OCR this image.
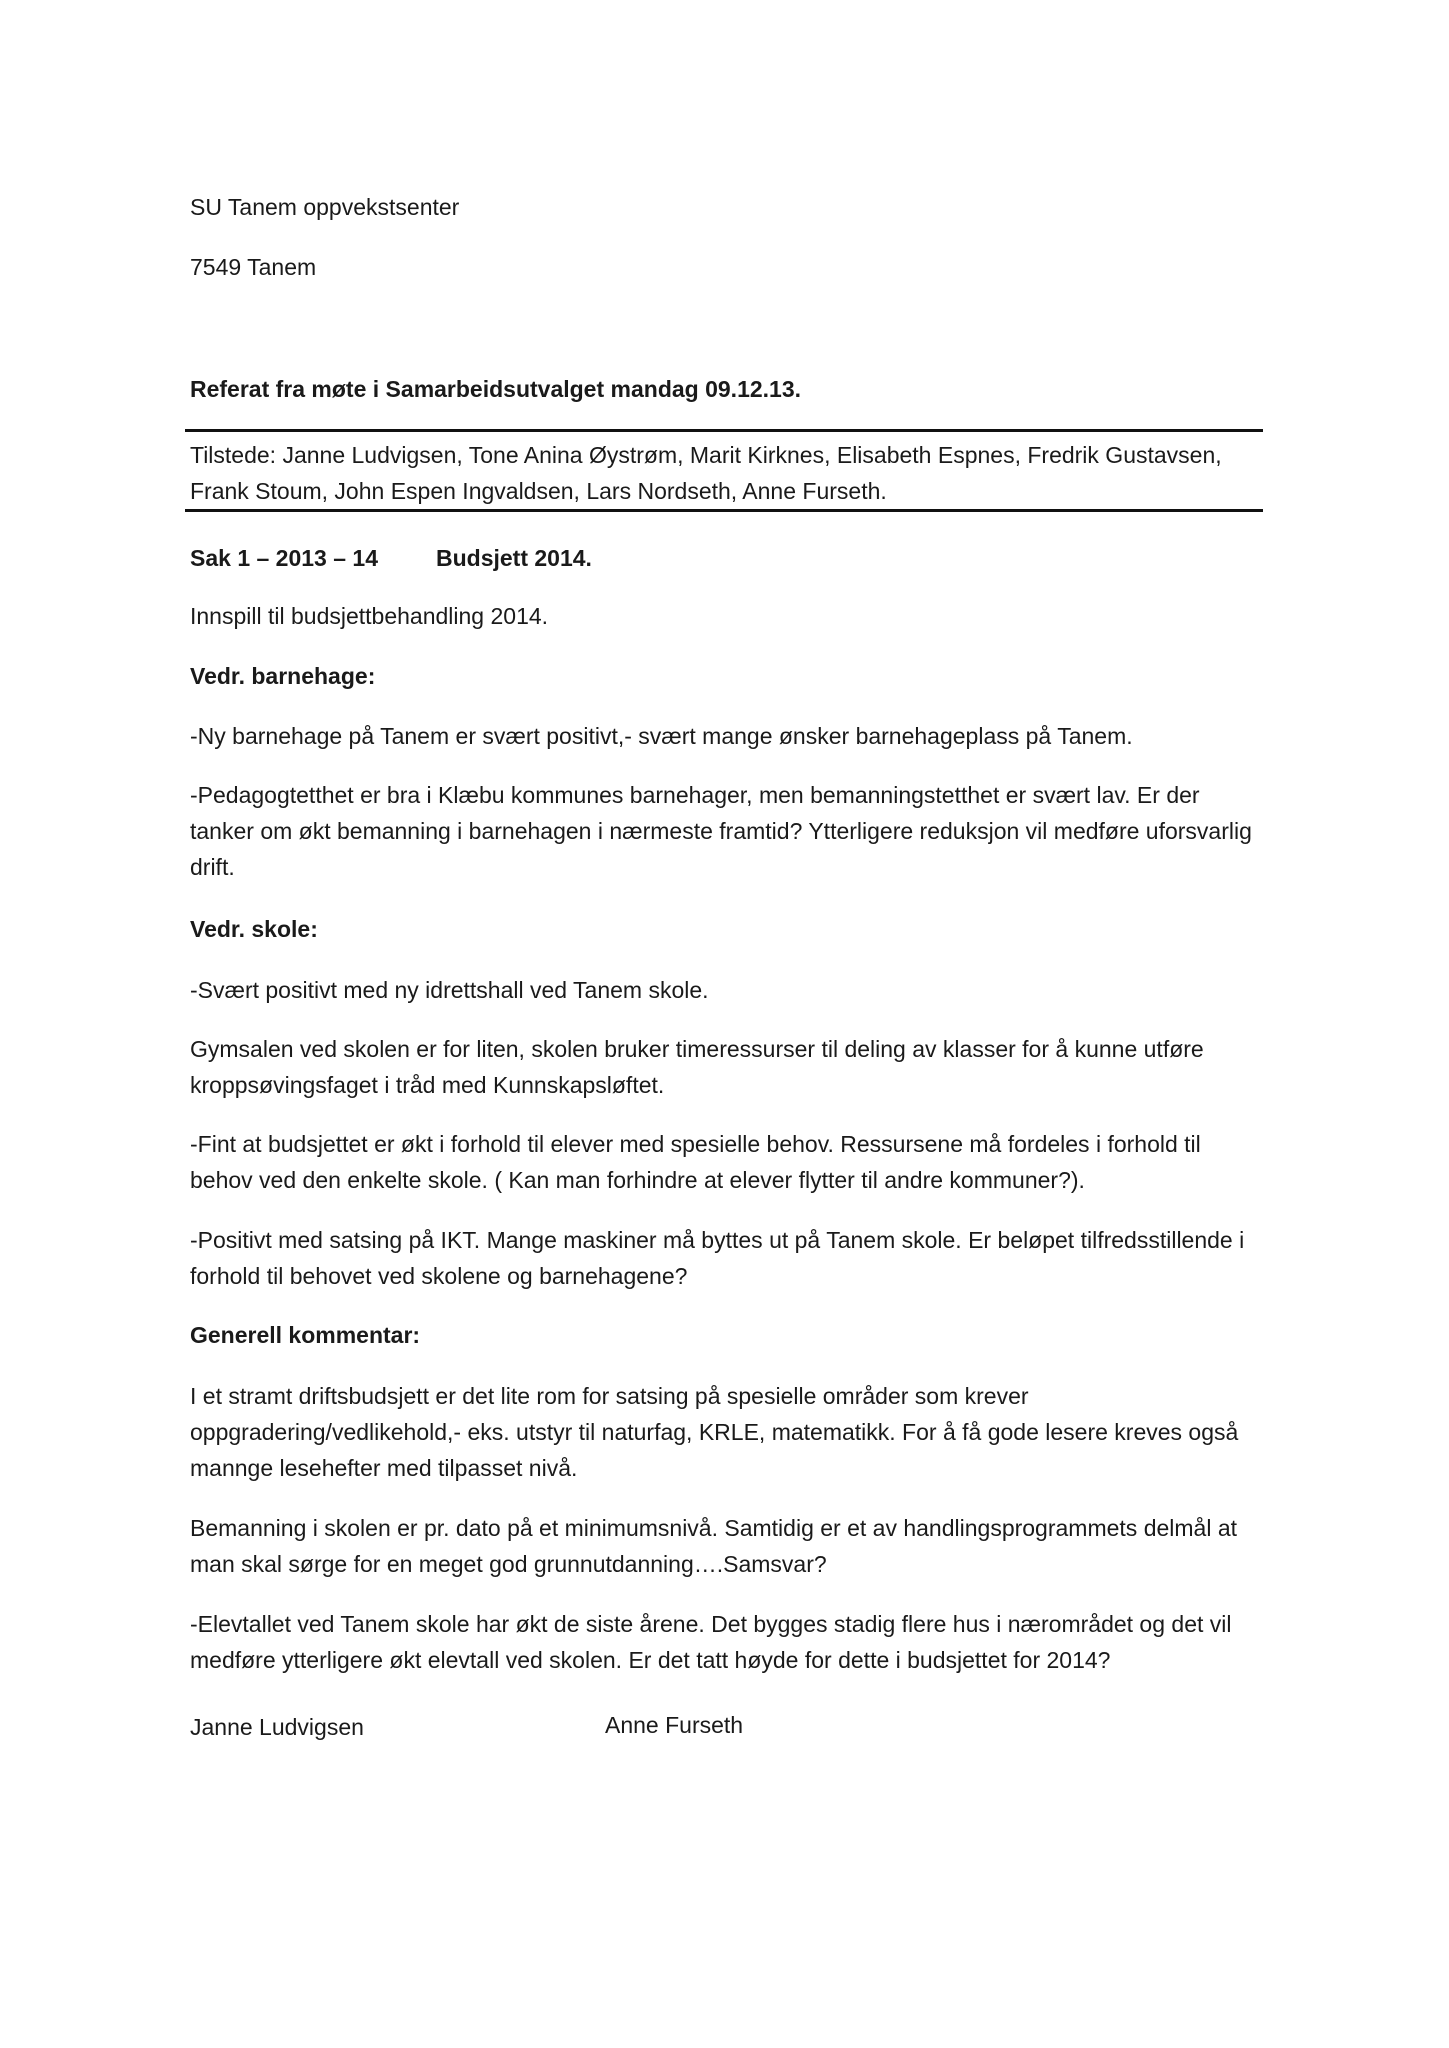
SU Tanem oppvekstsenter
7549 Tanem
Referat fra møte i Samarbeidsutvalget mandag 09.12.13.
Tilstede: Janne Ludvigsen, Tone Anina Øystrøm, Marit Kirknes, Elisabeth Espnes, Fredrik Gustavsen,
Frank Stoum, John Espen Ingvaldsen, Lars Nordseth, Anne Furseth.
Sak 1 – 2013 – 14	Budsjett 2014.
Innspill til budsjettbehandling 2014.
Vedr. barnehage:
-Ny barnehage på Tanem er svært positivt,- svært mange ønsker barnehageplass på Tanem.
-Pedagogtetthet er bra i Klæbu kommunes barnehager, men bemanningstetthet er svært lav. Er der tanker om økt bemanning i barnehagen i nærmeste framtid? Ytterligere reduksjon vil medføre uforsvarlig drift.
Vedr. skole:
-Svært positivt med ny idrettshall ved Tanem skole.
Gymsalen ved skolen er for liten, skolen bruker timeressurser til deling av klasser for å kunne utføre kroppsøvingsfaget i tråd med Kunnskapsløftet.
-Fint at budsjettet er økt i forhold til elever med spesielle behov. Ressursene må fordeles i forhold til behov ved den enkelte skole. ( Kan man forhindre at elever flytter til andre kommuner?).
-Positivt med satsing på IKT. Mange maskiner må byttes ut på Tanem skole. Er beløpet tilfredsstillende i forhold til behovet ved skolene og barnehagene?
Generell kommentar:
I et stramt driftsbudsjett er det lite rom for satsing på spesielle områder som krever oppgradering/vedlikehold,- eks. utstyr til naturfag, KRLE, matematikk. For å få gode lesere kreves også mannge lesehefter med tilpasset nivå.
Bemanning i skolen er pr. dato på et minimumsnivå. Samtidig er et av handlingsprogrammets delmål at man skal sørge for en meget god grunnutdanning….Samsvar?
-Elevtallet ved Tanem skole har økt de siste årene. Det bygges stadig flere hus i nærområdet og det vil medføre ytterligere økt elevtall ved skolen. Er det tatt høyde for dette i budsjettet for 2014?
Janne Ludvigsen	Anne Furseth
